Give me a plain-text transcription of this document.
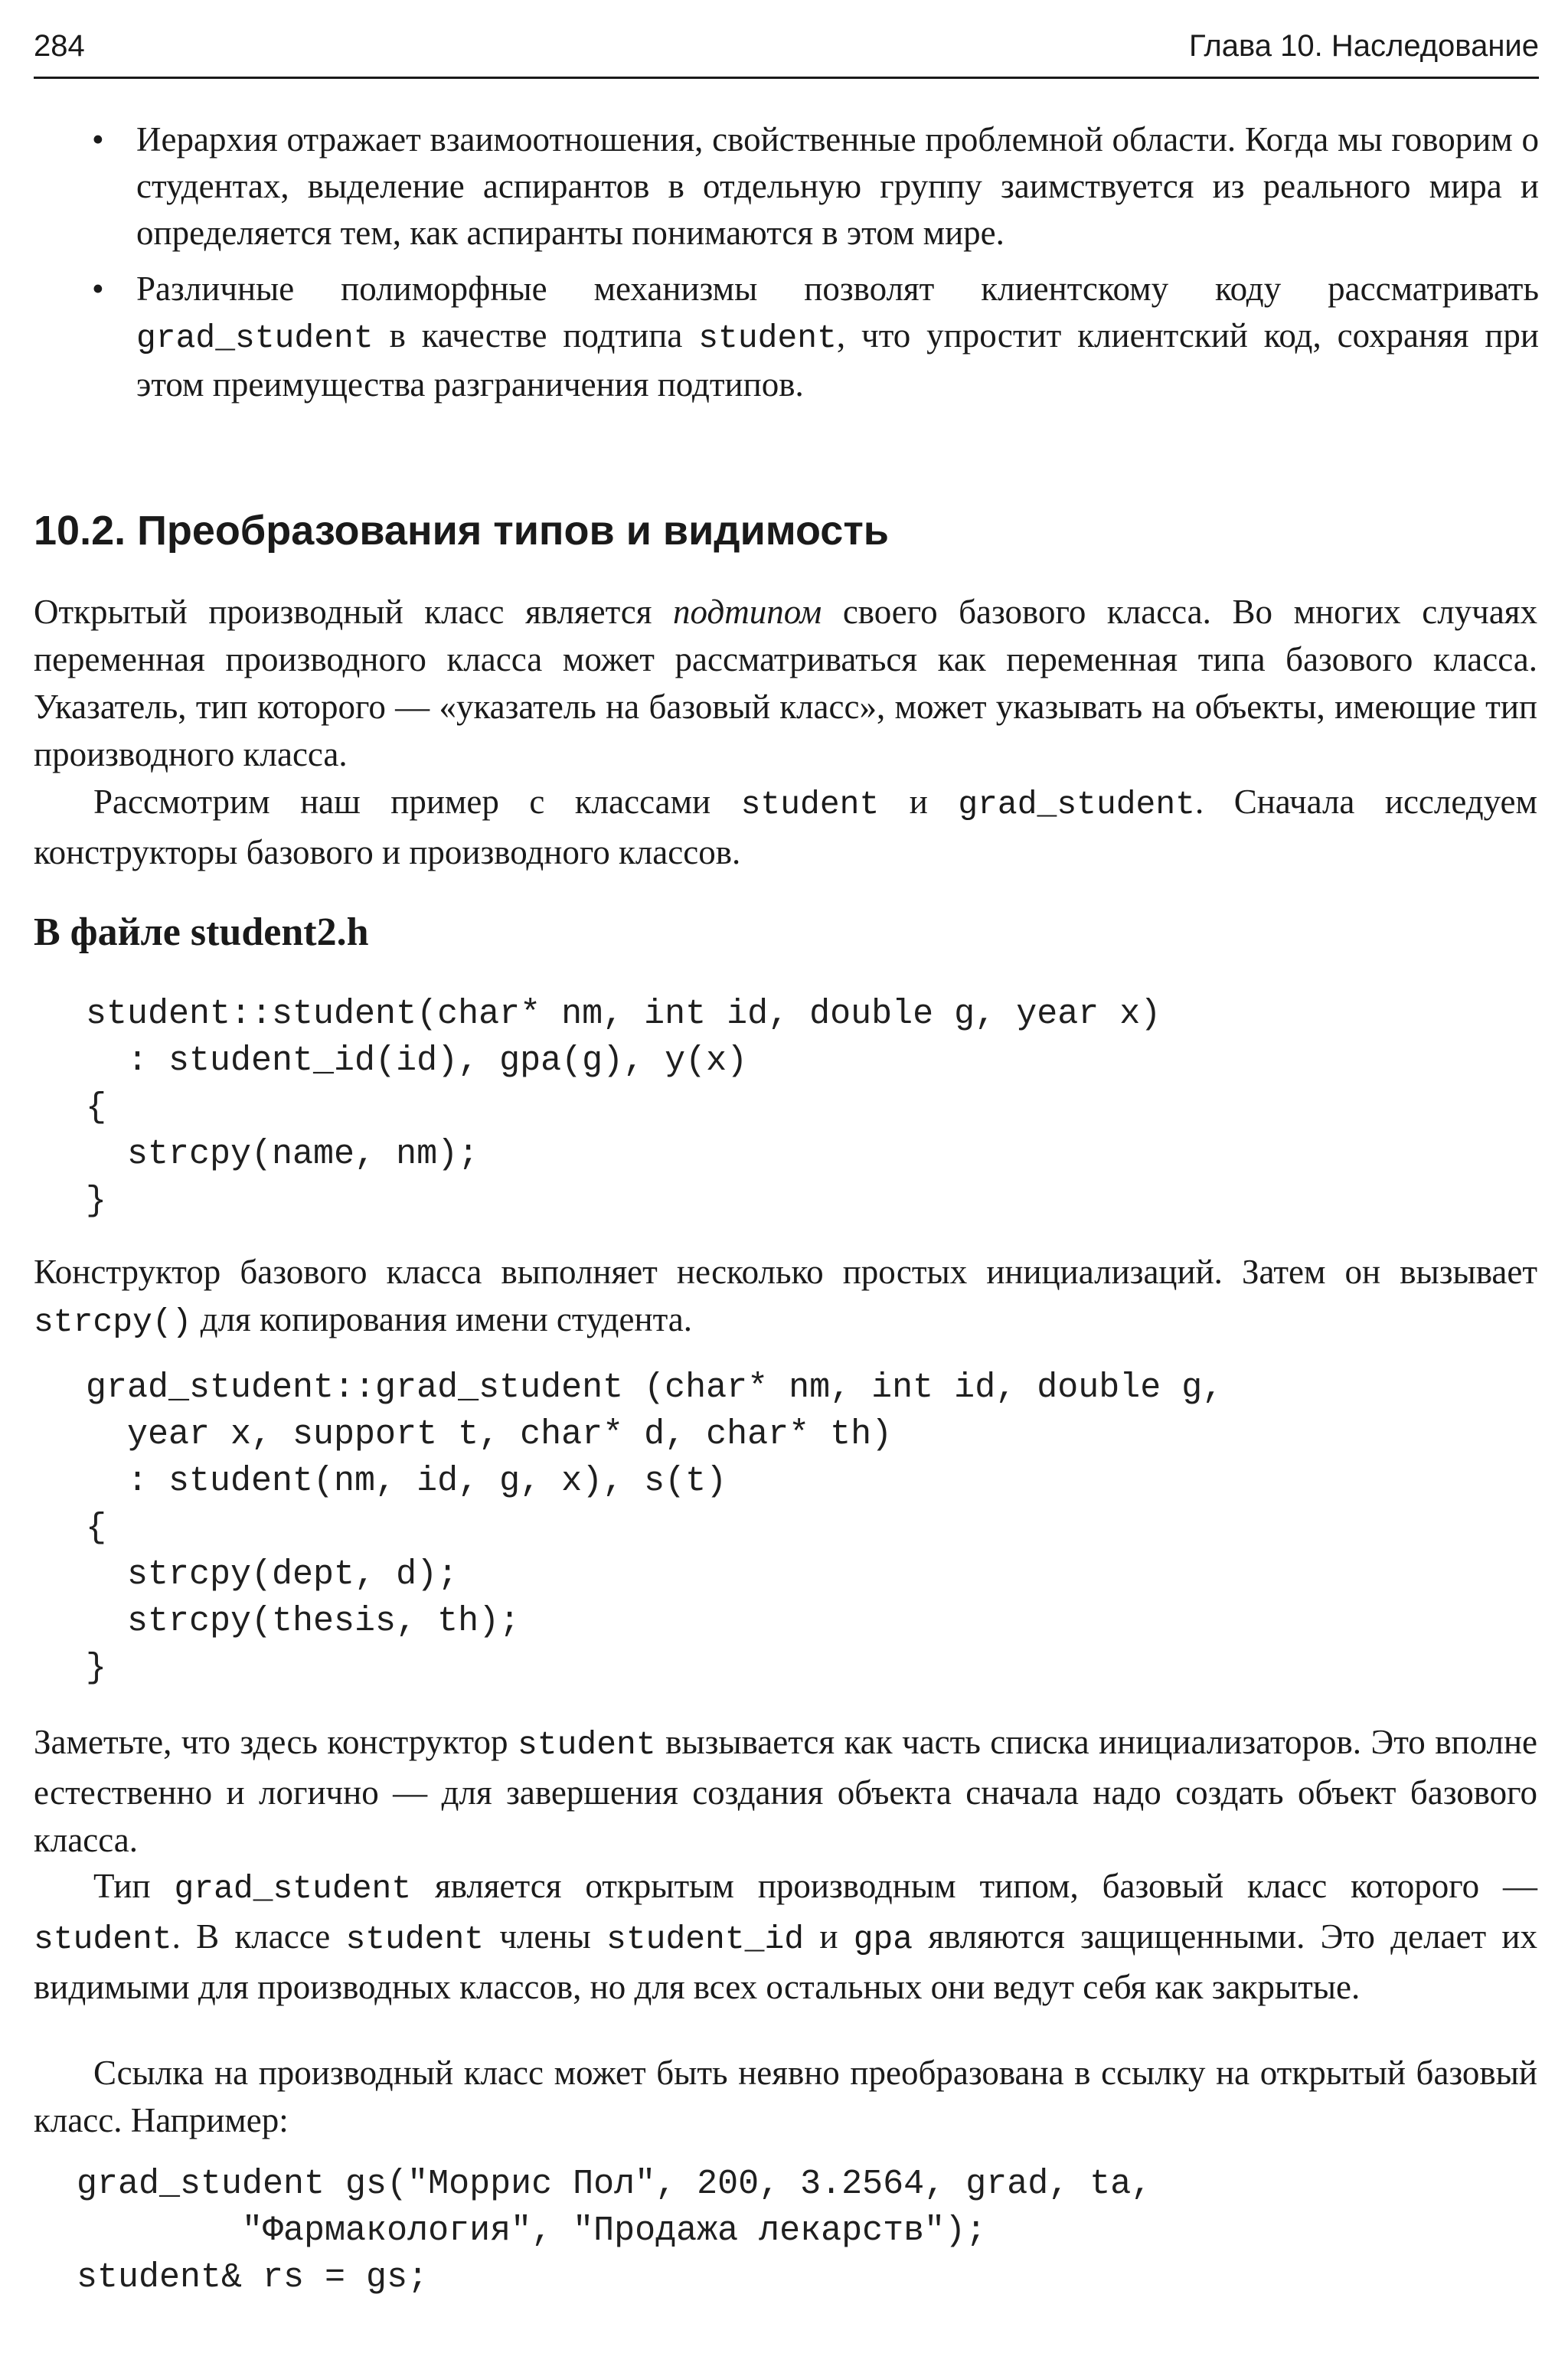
284	Глава 10. Наследование
• Иерархия отражает взаимоотношения, свойственные проблемной области. Когда мы говорим о студентах, выделение аспирантов в отдельную группу заимствуется из реального мира и определяется тем, как аспиранты понимаются в этом мире.
• Различные полиморфные механизмы позволят клиентскому коду рассматривать grad_student в качестве подтипа student, что упростит клиентский код, сохраняя при этом преимущества разграничения подтипов.
10.2. Преобразования типов и видимость

Открытый производный класс является подтипом своего базового класса. Во многих случаях переменная производного класса может рассматриваться как переменная типа базового класса. Указатель, тип которого — «указатель на базовый класс», может указывать на объекты, имеющие тип производного класса.

Рассмотрим наш пример с классами student и grad_student. Сначала исследуем конструкторы базового и производного классов.

В файле student2.h
student::student(char* nm, int id, double g, year x)
: student_id(id), gpa(g), y(x)
{
strcpy(name, nm);
}

Конструктор базового класса выполняет несколько простых инициализаций. Затем он вызывает strcpy() для копирования имени студента.

grad_student::grad_student (char* nm, int id, double g,
year x, support t, char* d, char* th)
: student(nm, id, g, x), s(t)
{
strcpy(dept, d);
strcpy(thesis, th);
}

Заметьте, что здесь конструктор student вызывается как часть списка инициализаторов. Это вполне естественно и логично — для завершения создания объекта сначала надо создать объект базового класса.

Тип grad_student является открытым производным типом, базовый класс которого — student. В классе student члены student_id и gpa являются защищенными. Это делает их видимыми для производных классов, но для всех остальных они ведут себя как закрытые.

Ссылка на производный класс может быть неявно преобразована в ссылку на открытый базовый класс. Например:

grad_student gs("Моррис Пол", 200, 3.2564, grad, ta,
"Фармакология", "Продажа лекарств");
student& rs = gs;
